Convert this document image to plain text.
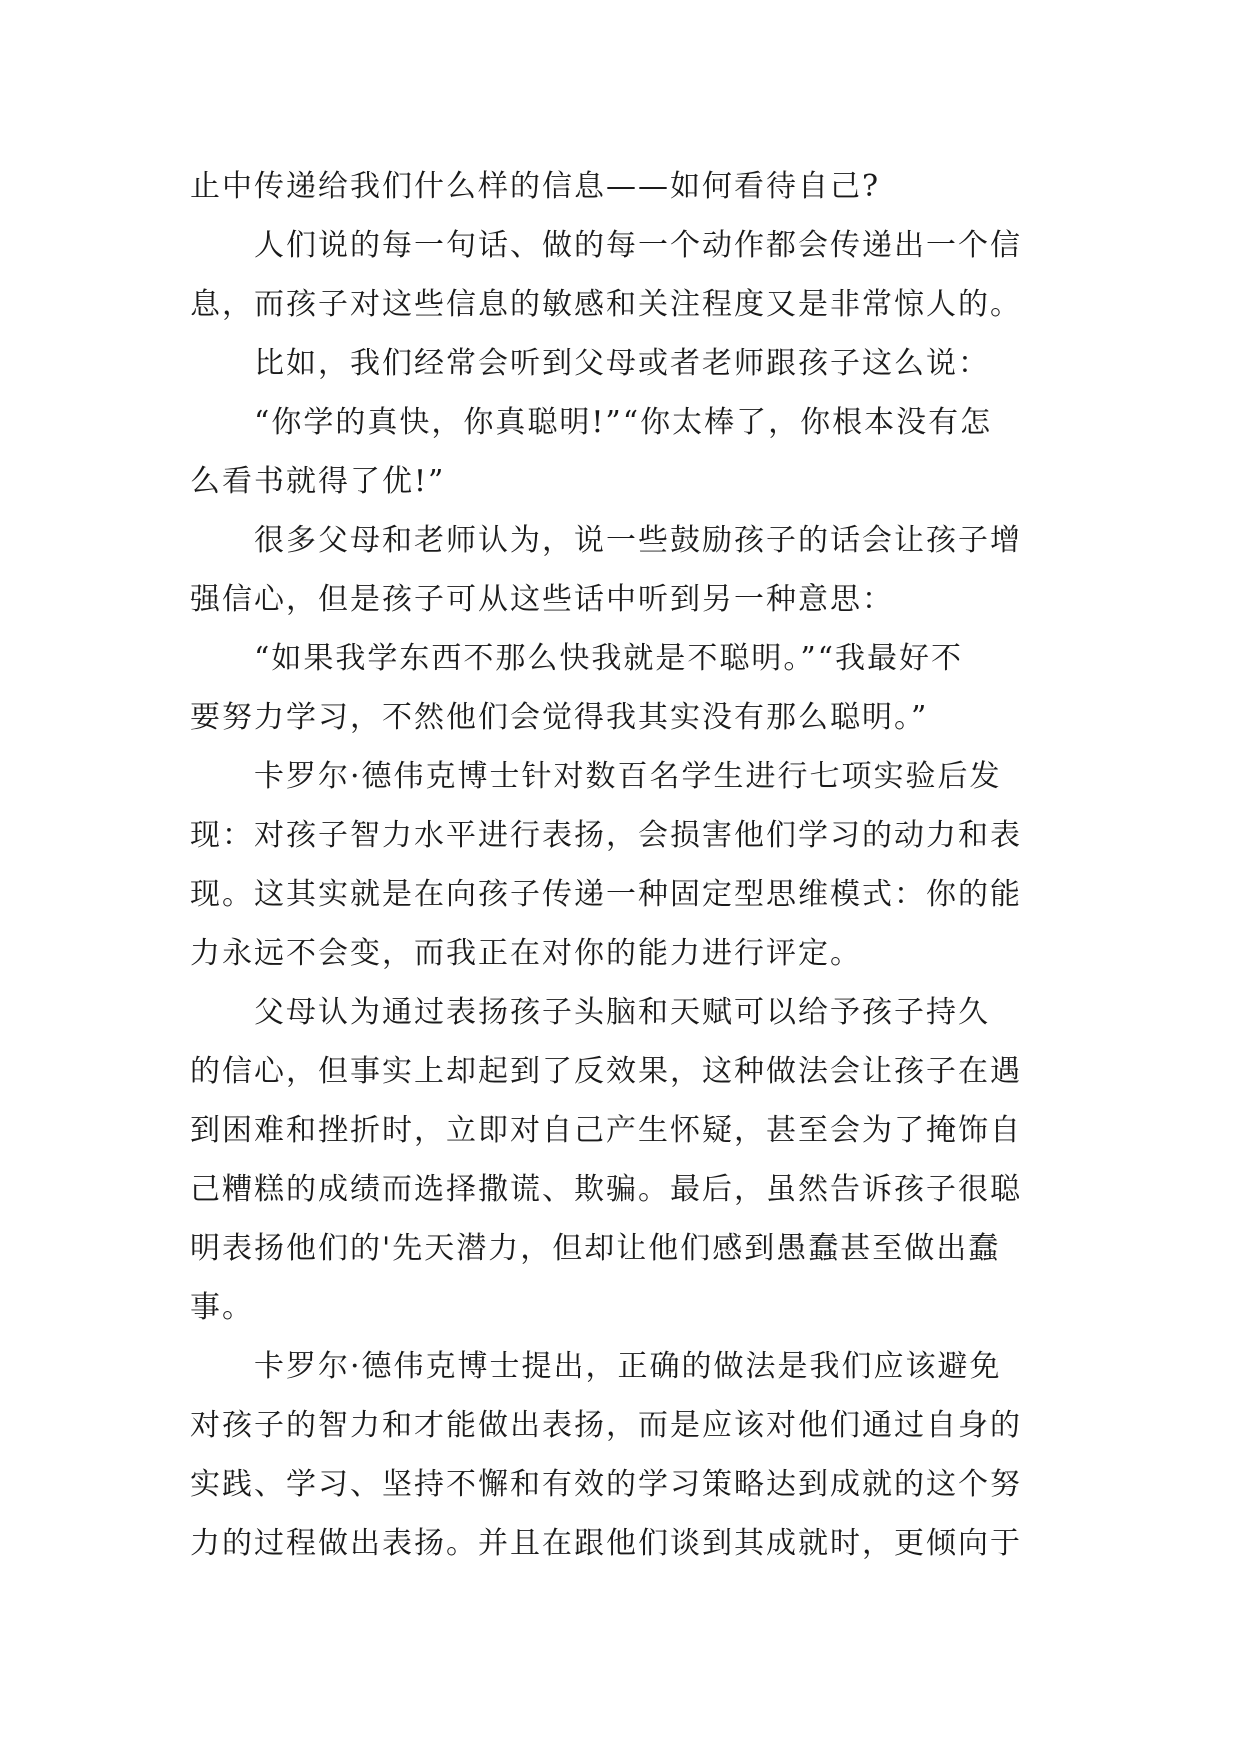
止中传递给我们什么样的信息——如何看待自己?
人们说的每一句话、做的每一个动作都会传递出一个信
息，而孩子对这些信息的敏感和关注程度又是非常惊人的。
比如，我们经常会听到父母或者老师跟孩子这么说：
“你学的真快，你真聪明!”“你太棒了，你根本没有怎
么看书就得了优!”
很多父母和老师认为，说一些鼓励孩子的话会让孩子增
强信心，但是孩子可从这些话中听到另一种意思：
“如果我学东西不那么快我就是不聪明。”“我最好不
要努力学习，不然他们会觉得我其实没有那么聪明。”
卡罗尔·德伟克博士针对数百名学生进行七项实验后发
现：对孩子智力水平进行表扬，会损害他们学习的动力和表
现。这其实就是在向孩子传递一种固定型思维模式：你的能
力永远不会变，而我正在对你的能力进行评定。
父母认为通过表扬孩子头脑和天赋可以给予孩子持久
的信心，但事实上却起到了反效果，这种做法会让孩子在遇
到困难和挫折时，立即对自己产生怀疑，甚至会为了掩饰自
己糟糕的成绩而选择撒谎、欺骗。最后，虽然告诉孩子很聪
明表扬他们的'先天潜力，但却让他们感到愚蠢甚至做出蠢
事。
卡罗尔·德伟克博士提出，正确的做法是我们应该避免
对孩子的智力和才能做出表扬，而是应该对他们通过自身的
实践、学习、坚持不懈和有效的学习策略达到成就的这个努
力的过程做出表扬。并且在跟他们谈到其成就时，更倾向于
